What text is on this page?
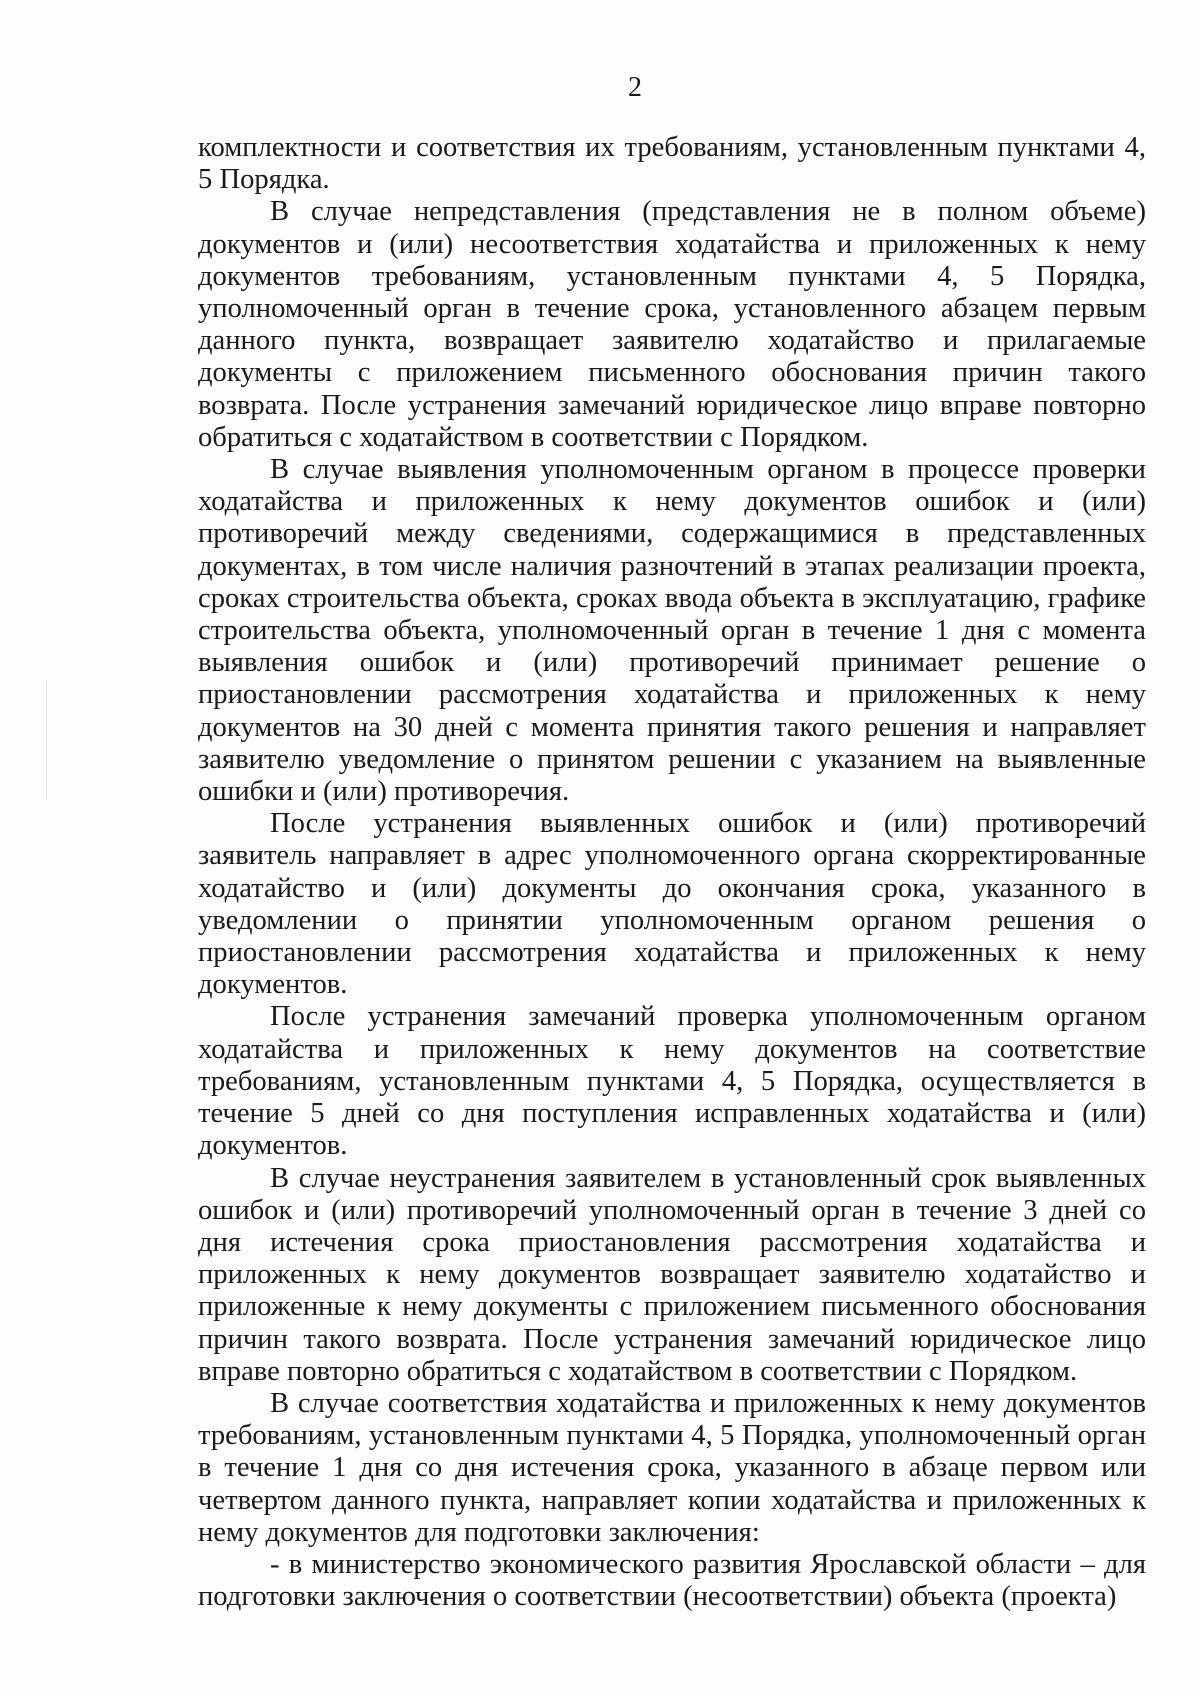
2

комплектности и соответствия их требованиям, установленным пунктами 4, 5 Порядка.

В случае непредставления (представления не в полном объеме) документов и (или) несоответствия ходатайства и приложенных к нему документов требованиям, установленным пунктами 4, 5 Порядка, уполномоченный орган в течение срока, установленного абзацем первым данного пункта, возвращает заявителю ходатайство и прилагаемые документы с приложением письменного обоснования причин такого возврата. После устранения замечаний юридическое лицо вправе повторно обратиться с ходатайством в соответствии с Порядком.

В случае выявления уполномоченным органом в процессе проверки ходатайства и приложенных к нему документов ошибок и (или) противоречий между сведениями, содержащимися в представленных документах, в том числе наличия разночтений в этапах реализации проекта, сроках строительства объекта, сроках ввода объекта в эксплуатацию, графике строительства объекта, уполномоченный орган в течение 1 дня с момента выявления ошибок и (или) противоречий принимает решение о приостановлении рассмотрения ходатайства и приложенных к нему документов на 30 дней с момента принятия такого решения и направляет заявителю уведомление о принятом решении с указанием на выявленные ошибки и (или) противоречия.

После устранения выявленных ошибок и (или) противоречий заявитель направляет в адрес уполномоченного органа скорректированные ходатайство и (или) документы до окончания срока, указанного в уведомлении о принятии уполномоченным органом решения о приостановлении рассмотрения ходатайства и приложенных к нему документов.

После устранения замечаний проверка уполномоченным органом ходатайства и приложенных к нему документов на соответствие требованиям, установленным пунктами 4, 5 Порядка, осуществляется в течение 5 дней со дня поступления исправленных ходатайства и (или) документов.

В случае неустранения заявителем в установленный срок выявленных ошибок и (или) противоречий уполномоченный орган в течение 3 дней со дня истечения срока приостановления рассмотрения ходатайства и приложенных к нему документов возвращает заявителю ходатайство и приложенные к нему документы с приложением письменного обоснования причин такого возврата. После устранения замечаний юридическое лицо вправе повторно обратиться с ходатайством в соответствии с Порядком.

В случае соответствия ходатайства и приложенных к нему документов требованиям, установленным пунктами 4, 5 Порядка, уполномоченный орган в течение 1 дня со дня истечения срока, указанного в абзаце первом или четвертом данного пункта, направляет копии ходатайства и приложенных к нему документов для подготовки заключения:

- в министерство экономического развития Ярославской области – для подготовки заключения о соответствии (несоответствии) объекта (проекта)
